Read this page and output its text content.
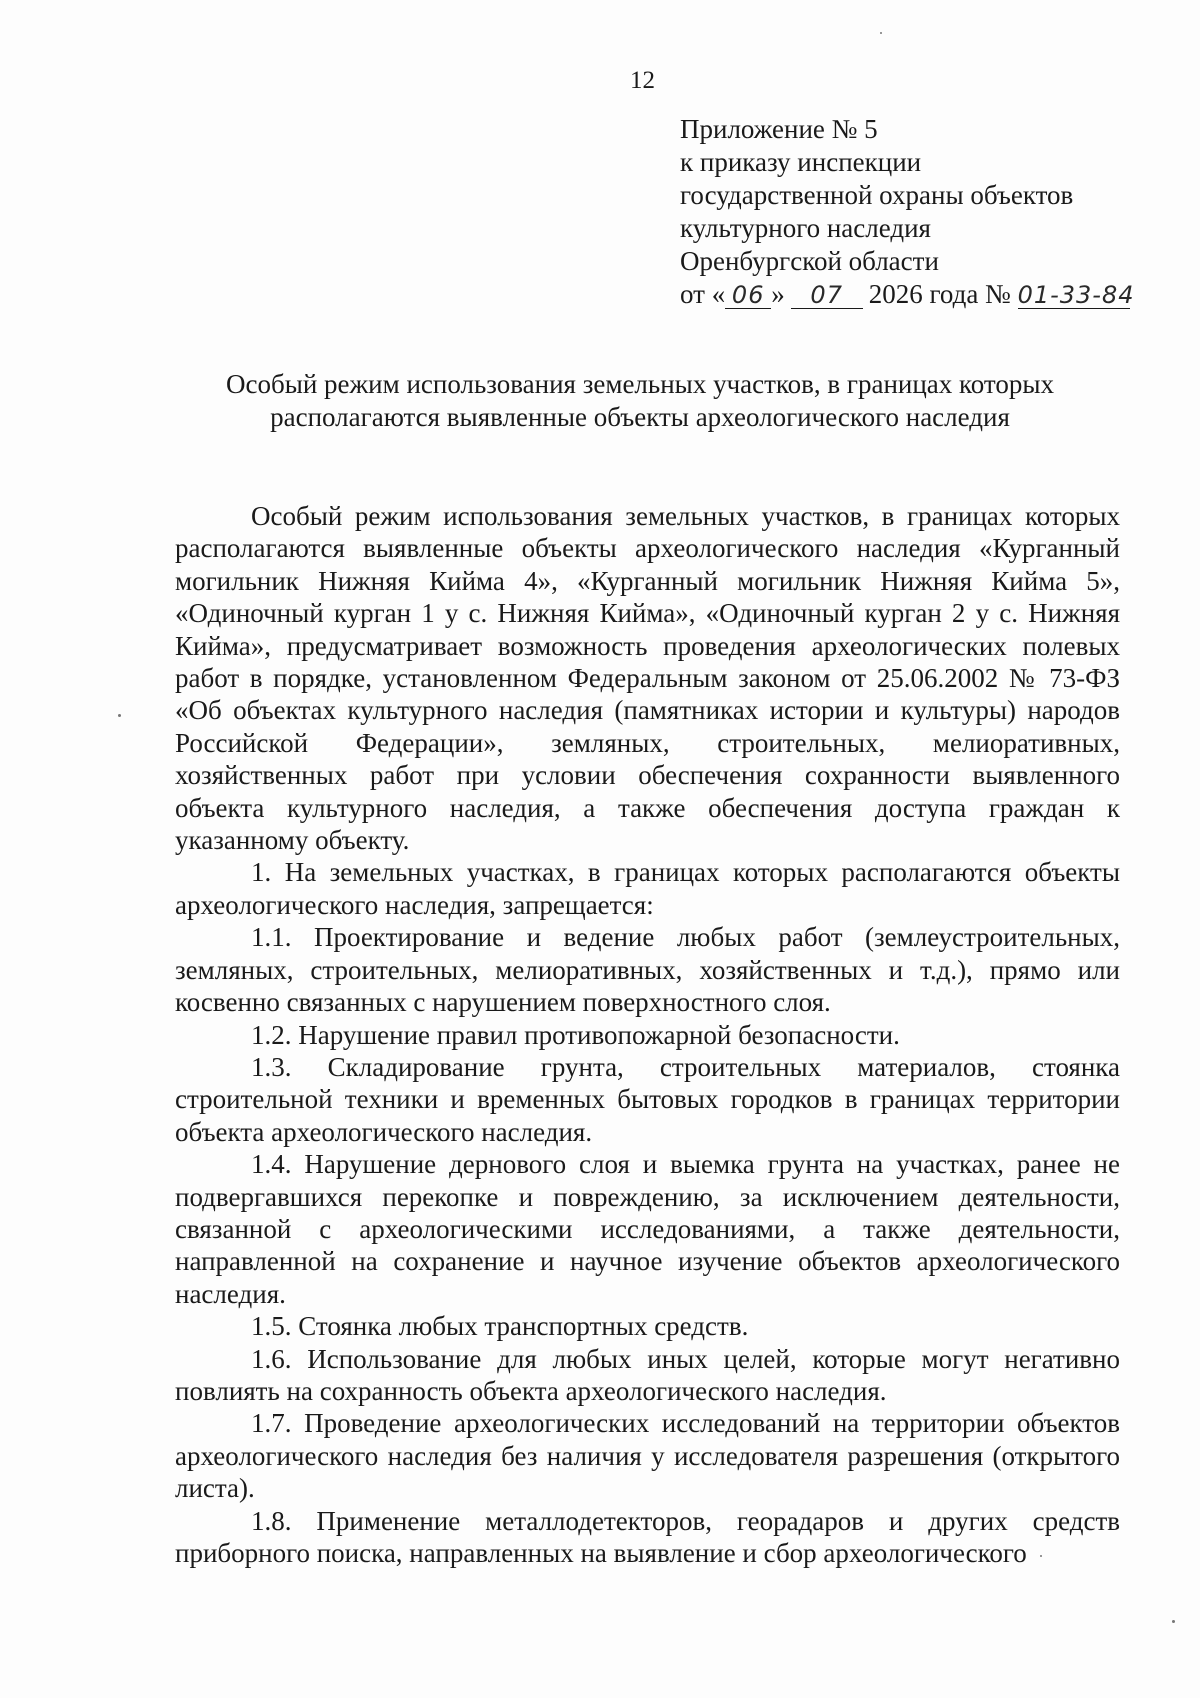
12
Приложение № 5
к приказу инспекции
государственной охраны объектов
культурного наследия
Оренбургской области
от « 06 » 07 2026 года № 01-33-84
Особый режим использования земельных участков, в границах которых
располагаются выявленные объекты археологического наследия

Особый режим использования земельных участков, в границах которых располагаются выявленные объекты археологического наследия «Курганный могильник Нижняя Кийма 4», «Курганный могильник Нижняя Кийма 5», «Одиночный курган 1 у с. Нижняя Кийма», «Одиночный курган 2 у с. Нижняя Кийма», предусматривает возможность проведения археологических полевых работ в порядке, установленном Федеральным законом от 25.06.2002 № 73-ФЗ «Об объектах культурного наследия (памятниках истории и культуры) народов Российской Федерации», земляных, строительных, мелиоративных, хозяйственных работ при условии обеспечения сохранности выявленного объекта культурного наследия, а также обеспечения доступа граждан к указанному объекту.

1. На земельных участках, в границах которых располагаются объекты археологического наследия, запрещается:

1.1. Проектирование и ведение любых работ (землеустроительных, земляных, строительных, мелиоративных, хозяйственных и т.д.), прямо или косвенно связанных с нарушением поверхностного слоя.

1.2. Нарушение правил противопожарной безопасности.

1.3. Складирование грунта, строительных материалов, стоянка строительной техники и временных бытовых городков в границах территории объекта археологического наследия.

1.4. Нарушение дернового слоя и выемка грунта на участках, ранее не подвергавшихся перекопке и повреждению, за исключением деятельности, связанной с археологическими исследованиями, а также деятельности, направленной на сохранение и научное изучение объектов археологического наследия.

1.5. Стоянка любых транспортных средств.

1.6. Использование для любых иных целей, которые могут негативно повлиять на сохранность объекта археологического наследия.

1.7. Проведение археологических исследований на территории объектов археологического наследия без наличия у исследователя разрешения (открытого листа).

1.8. Применение металлодетекторов, георадаров и других средств приборного поиска, направленных на выявление и сбор археологического
